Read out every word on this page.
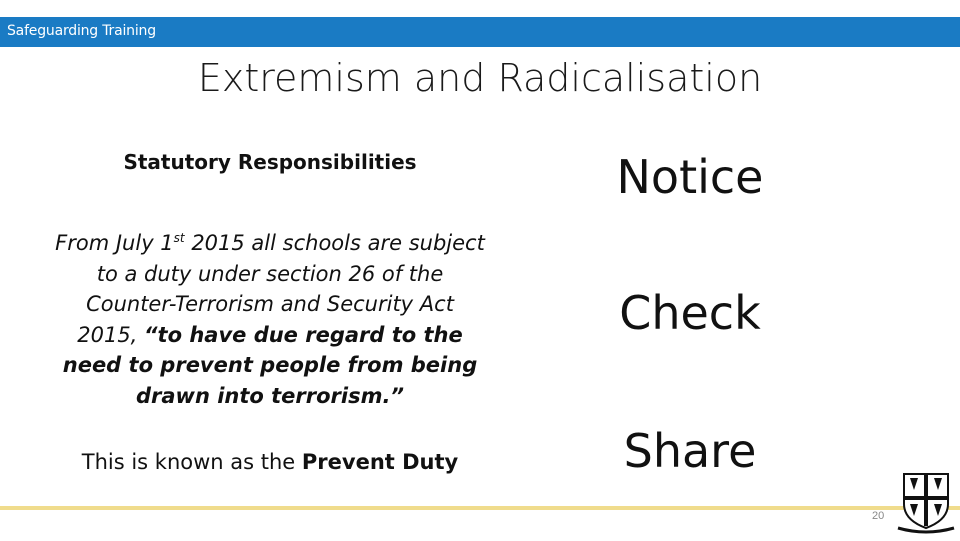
Safeguarding Training
Extremism and Radicalisation
Statutory Responsibilities
From July 1st 2015 all schools are subject to a duty under section 26 of the Counter-Terrorism and Security Act 2015, “to have due regard to the need to prevent people from being drawn into terrorism.”
This is known as the Prevent Duty
Notice
Check
Share
20
